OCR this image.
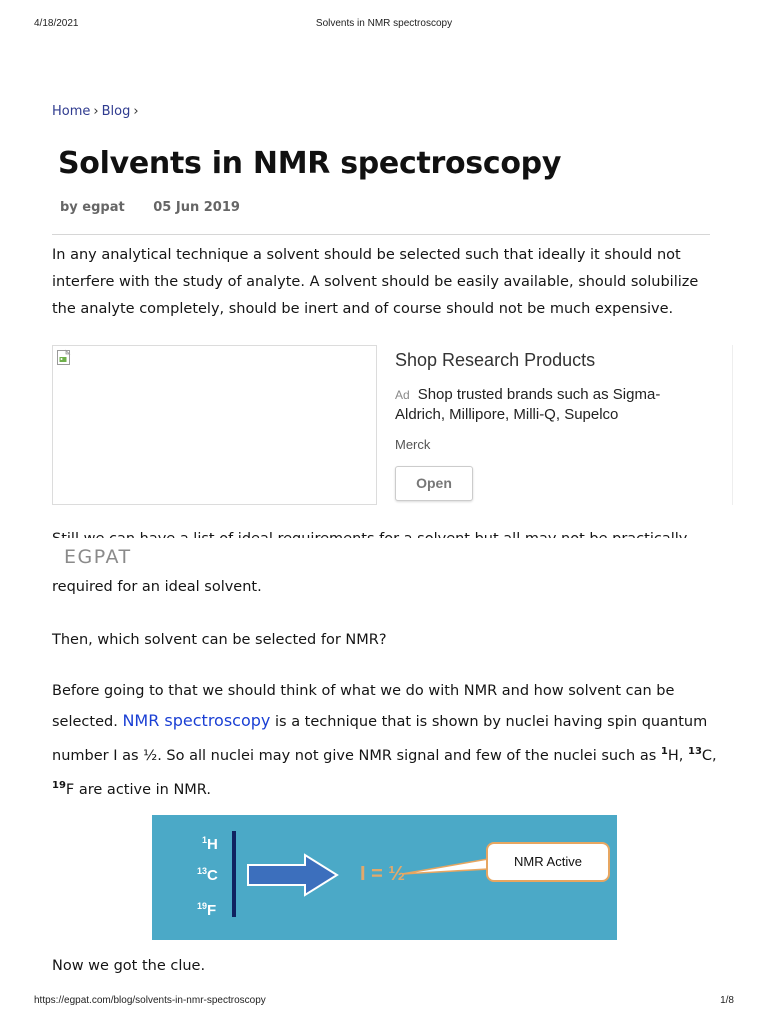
4/18/2021	Solvents in NMR spectroscopy
Home › Blog ›
Solvents in NMR spectroscopy
by egpat 05 Jun 2019

In any analytical technique a solvent should be selected such that ideally it should not interfere with the study of analyte. A solvent should be easily available, should solubilize the analyte completely, should be inert and of course should not be much expensive.

Shop Research Products
Ad Shop trusted brands such as Sigma-
Aldrich, Millipore, Milli-Q, Supelco
Merck
Open
EGPAT

required for an ideal solvent.

Then, which solvent can be selected for NMR?

Before going to that we should think of what we do with NMR and how solvent can be selected. NMR spectroscopy is a technique that is shown by nuclei having spin quantum number I as ½. So all nuclei may not give NMR signal and few of the nuclei such as $^1$H, $^{13}$C, $^{19}$F are active in NMR.

$^1$H
$^{13}$C
$^{19}$F
I = ½
NMR Active

Now we got the clue.

https://egpat.com/blog/solvents-in-nmr-spectroscopy	1/8
